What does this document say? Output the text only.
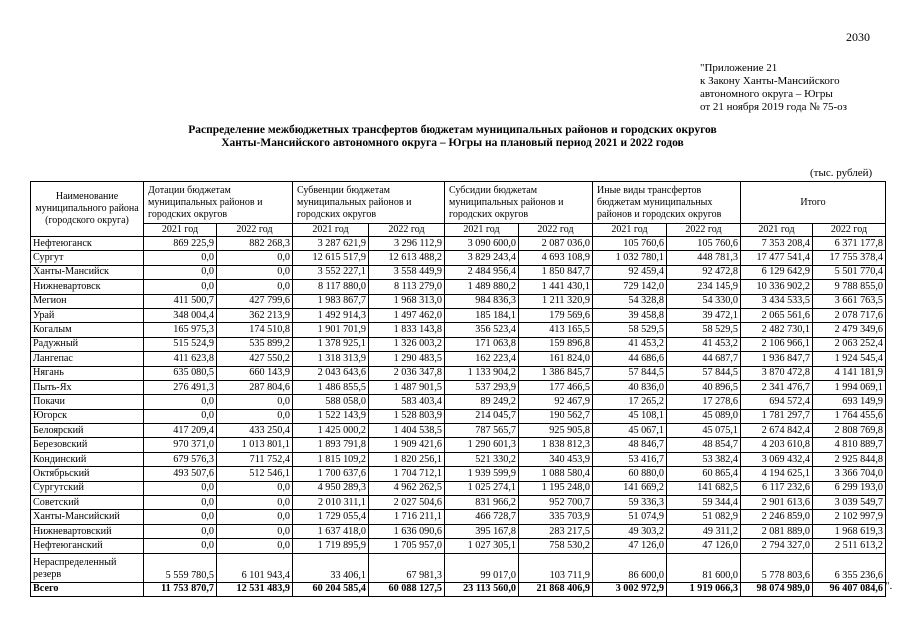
2030
"Приложение 21
к Закону Ханты-Мансийского
автономного округа – Югры
от 21 ноября 2019 года № 75-оз
Распределение межбюджетных трансфертов бюджетам муниципальных районов и городских округов
Ханты-Мансийского автономного округа – Югры на плановый период 2021 и 2022 годов
(тыс. рублей)
Наименование муниципального района (городского округа)	Дотации бюджетам муниципальных районов и городских округов		Субвенции бюджетам муниципальных районов и городских округов		Субсидии бюджетам муниципальных районов и городских округов		Иные виды трансфертов бюджетам муниципальных районов и городских округов		Итого	
	2021 год	2022 год	2021 год	2022 год	2021 год	2022 год	2021 год	2022 год	2021 год	2022 год
Нефтеюганск	869 225,9	882 268,3	3 287 621,9	3 296 112,9	3 090 600,0	2 087 036,0	105 760,6	105 760,6	7 353 208,4	6 371 177,8
Сургут	0,0	0,0	12 615 517,9	12 613 488,2	3 829 243,4	4 693 108,9	1 032 780,1	448 781,3	17 477 541,4	17 755 378,4
Ханты-Мансийск	0,0	0,0	3 552 227,1	3 558 449,9	2 484 956,4	1 850 847,7	92 459,4	92 472,8	6 129 642,9	5 501 770,4
Нижневартовск	0,0	0,0	8 117 880,0	8 113 279,0	1 489 880,2	1 441 430,1	729 142,0	234 145,9	10 336 902,2	9 788 855,0
Мегион	411 500,7	427 799,6	1 983 867,7	1 968 313,0	984 836,3	1 211 320,9	54 328,8	54 330,0	3 434 533,5	3 661 763,5
Урай	348 004,4	362 213,9	1 492 914,3	1 497 462,0	185 184,1	179 569,6	39 458,8	39 472,1	2 065 561,6	2 078 717,6
Когалым	165 975,3	174 510,8	1 901 701,9	1 833 143,8	356 523,4	413 165,5	58 529,5	58 529,5	2 482 730,1	2 479 349,6
Радужный	515 524,9	535 899,2	1 378 925,1	1 326 003,2	171 063,8	159 896,8	41 453,2	41 453,2	2 106 966,1	2 063 252,4
Лангепас	411 623,8	427 550,2	1 318 313,9	1 290 483,5	162 223,4	161 824,0	44 686,6	44 687,7	1 936 847,7	1 924 545,4
Нягань	635 080,5	660 143,9	2 043 643,6	2 036 347,8	1 133 904,2	1 386 845,7	57 844,5	57 844,5	3 870 472,8	4 141 181,9
Пыть-Ях	276 491,3	287 804,6	1 486 855,5	1 487 901,5	537 293,9	177 466,5	40 836,0	40 896,5	2 341 476,7	1 994 069,1
Покачи	0,0	0,0	588 058,0	583 403,4	89 249,2	92 467,9	17 265,2	17 278,6	694 572,4	693 149,9
Югорск	0,0	0,0	1 522 143,9	1 528 803,9	214 045,7	190 562,7	45 108,1	45 089,0	1 781 297,7	1 764 455,6
Белоярский	417 209,4	433 250,4	1 425 000,2	1 404 538,5	787 565,7	925 905,8	45 067,1	45 075,1	2 674 842,4	2 808 769,8
Березовский	970 371,0	1 013 801,1	1 893 791,8	1 909 421,6	1 290 601,3	1 838 812,3	48 846,7	48 854,7	4 203 610,8	4 810 889,7
Кондинский	679 576,3	711 752,4	1 815 109,2	1 820 256,1	521 330,2	340 453,9	53 416,7	53 382,4	3 069 432,4	2 925 844,8
Октябрьский	493 507,6	512 546,1	1 700 637,6	1 704 712,1	1 939 599,9	1 088 580,4	60 880,0	60 865,4	4 194 625,1	3 366 704,0
Сургутский	0,0	0,0	4 950 289,3	4 962 262,5	1 025 274,1	1 195 248,0	141 669,2	141 682,5	6 117 232,6	6 299 193,0
Советский	0,0	0,0	2 010 311,1	2 027 504,6	831 966,2	952 700,7	59 336,3	59 344,4	2 901 613,6	3 039 549,7
Ханты-Мансийский	0,0	0,0	1 729 055,4	1 716 211,1	466 728,7	335 703,9	51 074,9	51 082,9	2 246 859,0	2 102 997,9
Нижневартовский	0,0	0,0	1 637 418,0	1 636 090,6	395 167,8	283 217,5	49 303,2	49 311,2	2 081 889,0	1 968 619,3
Нефтеюганский	0,0	0,0	1 719 895,9	1 705 957,0	1 027 305,1	758 530,2	47 126,0	47 126,0	2 794 327,0	2 511 613,2
Нераспределенный резерв	5 559 780,5	6 101 943,4	33 406,1	67 981,3	99 017,0	103 711,9	86 600,0	81 600,0	5 778 803,6	6 355 236,6
Всего	11 753 870,7	12 531 483,9	60 204 585,4	60 088 127,5	23 113 560,0	21 868 406,9	3 002 972,9	1 919 066,3	98 074 989,0	96 407 084,6 ".
